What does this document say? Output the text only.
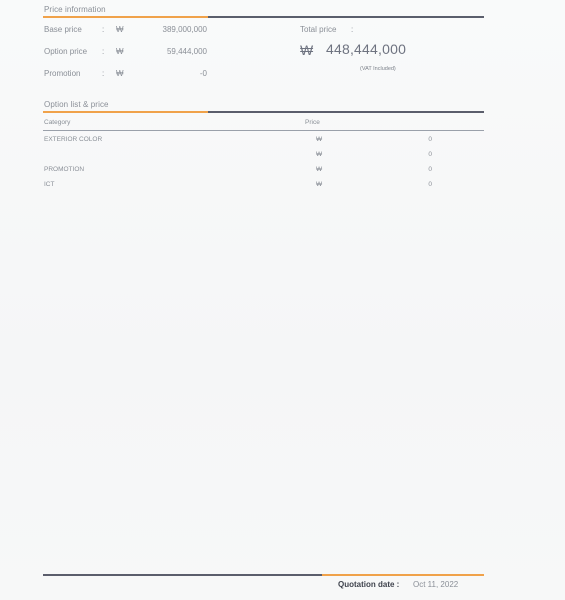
Price information
Base price	: ₩	389,000,000
Option price : ₩	59,444,000
Promotion	: ₩	-0
Total price :
₩ 448,444,000
(VAT Included)
Option list & price
Category	Price
EXTERIOR COLOR	₩	0
₩	0
PROMOTION	₩	0
ICT	₩	0
Quotation date : Oct 11, 2022
